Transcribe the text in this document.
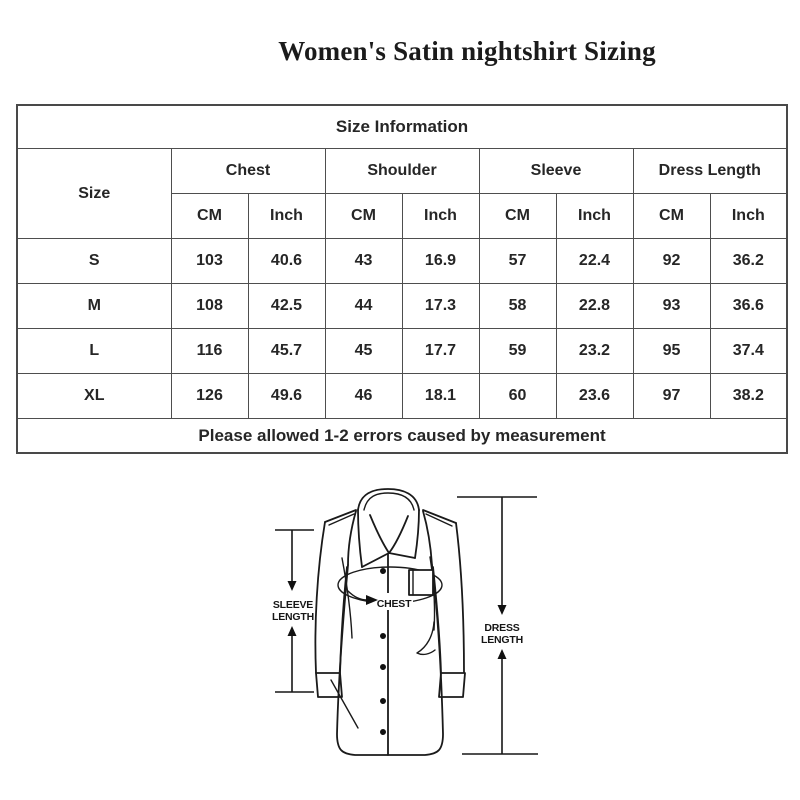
Women's Satin nightshirt Sizing
Size Information								
Size	Chest		Shoulder		Sleeve		Dress Length	
	CM	Inch	CM	Inch	CM	Inch	CM	Inch
S	103	40.6	43	16.9	57	22.4	92	36.2
M	108	42.5	44	17.3	58	22.8	93	36.6
L	116	45.7	45	17.7	59	23.2	95	37.4
XL	126	49.6	46	18.1	60	23.6	97	38.2
Please allowed 1-2 errors caused by measurement								
CHEST
SLEEVE
LENGTH
DRESS
LENGTH
